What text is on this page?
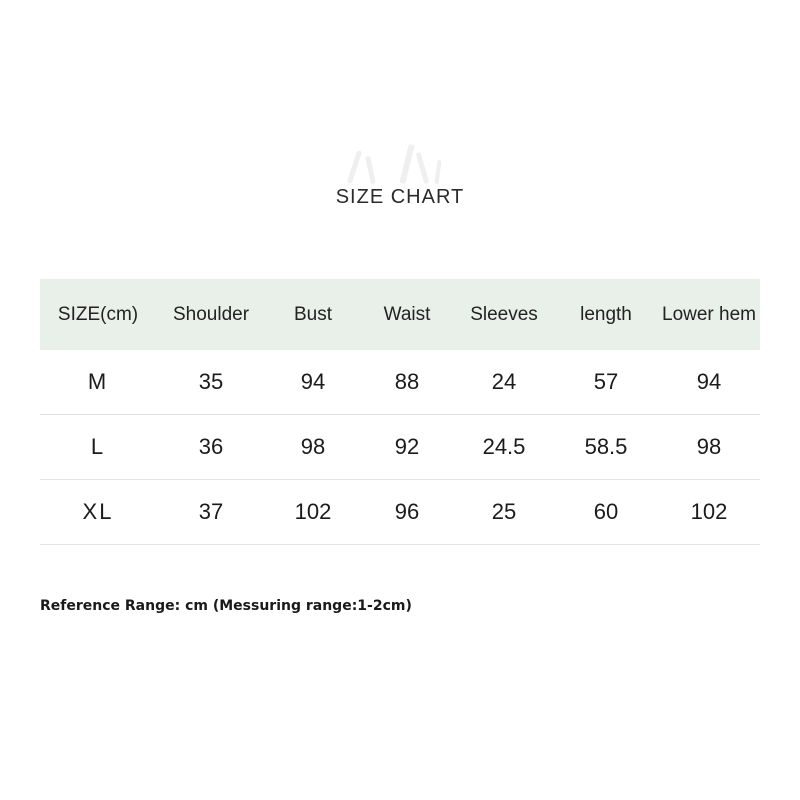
SIZE CHART
SIZE(cm)	Shoulder	Bust	Waist	Sleeves	length	Lower hem
M	35	94	88	24	57	94
L	36	98	92	24.5	58.5	98
XL	37	102	96	25	60	102
Reference Range: cm (Messuring range:1-2cm)
